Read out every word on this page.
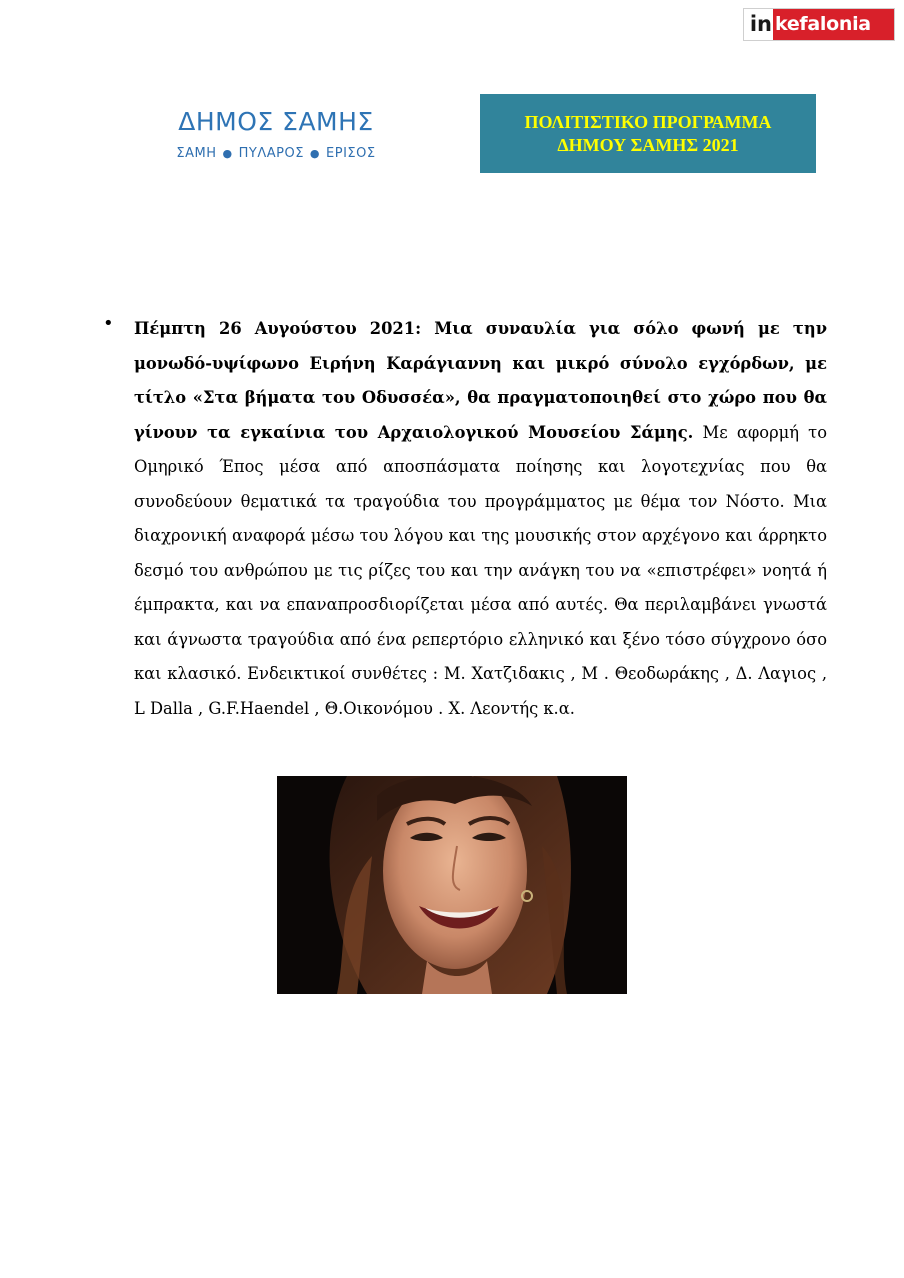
in kefalonia
ΔΗΜΟΣ ΣΑΜΗΣ
ΣΑΜΗ ● ΠΥΛΑΡΟΣ ● ΕΡΙΣΟΣ
ΠΟΛΙΤΙΣΤΙΚΟ ΠΡΟΓΡΑΜΜΑ
ΔΗΜΟΥ ΣΑΜΗΣ 2021
• Πέμπτη 26 Αυγούστου 2021: Μια συναυλία για σόλο φωνή με την μονωδό-υψίφωνο Ειρήνη Καράγιαννη και μικρό σύνολο εγχόρδων, με τίτλο «Στα βήματα του Οδυσσέα», θα πραγματοποιηθεί στο χώρο που θα γίνουν τα εγκαίνια του Αρχαιολογικού Μουσείου Σάμης. Με αφορμή το Ομηρικό Έπος μέσα από αποσπάσματα ποίησης και λογοτεχνίας που θα συνοδεύουν θεματικά τα τραγούδια του προγράμματος με θέμα τον Νόστο. Μια διαχρονική αναφορά μέσω του λόγου και της μουσικής στον αρχέγονο και άρρηκτο δεσμό του ανθρώπου με τις ρίζες του και την ανάγκη του να «επιστρέφει» νοητά ή έμπρακτα, και να επαναπροσδιορίζεται μέσα από αυτές. Θα περιλαμβάνει γνωστά και άγνωστα τραγούδια από ένα ρεπερτόριο ελληνικό και ξένο τόσο σύγχρονο όσο και κλασικό. Ενδεικτικοί συνθέτες : Μ. Χατζιδακις , Μ . Θεοδωράκης , Δ. Λαγιος , L Dalla , G.F.Haendel , Θ.Οικονόμου . Χ. Λεοντής κ.α.
